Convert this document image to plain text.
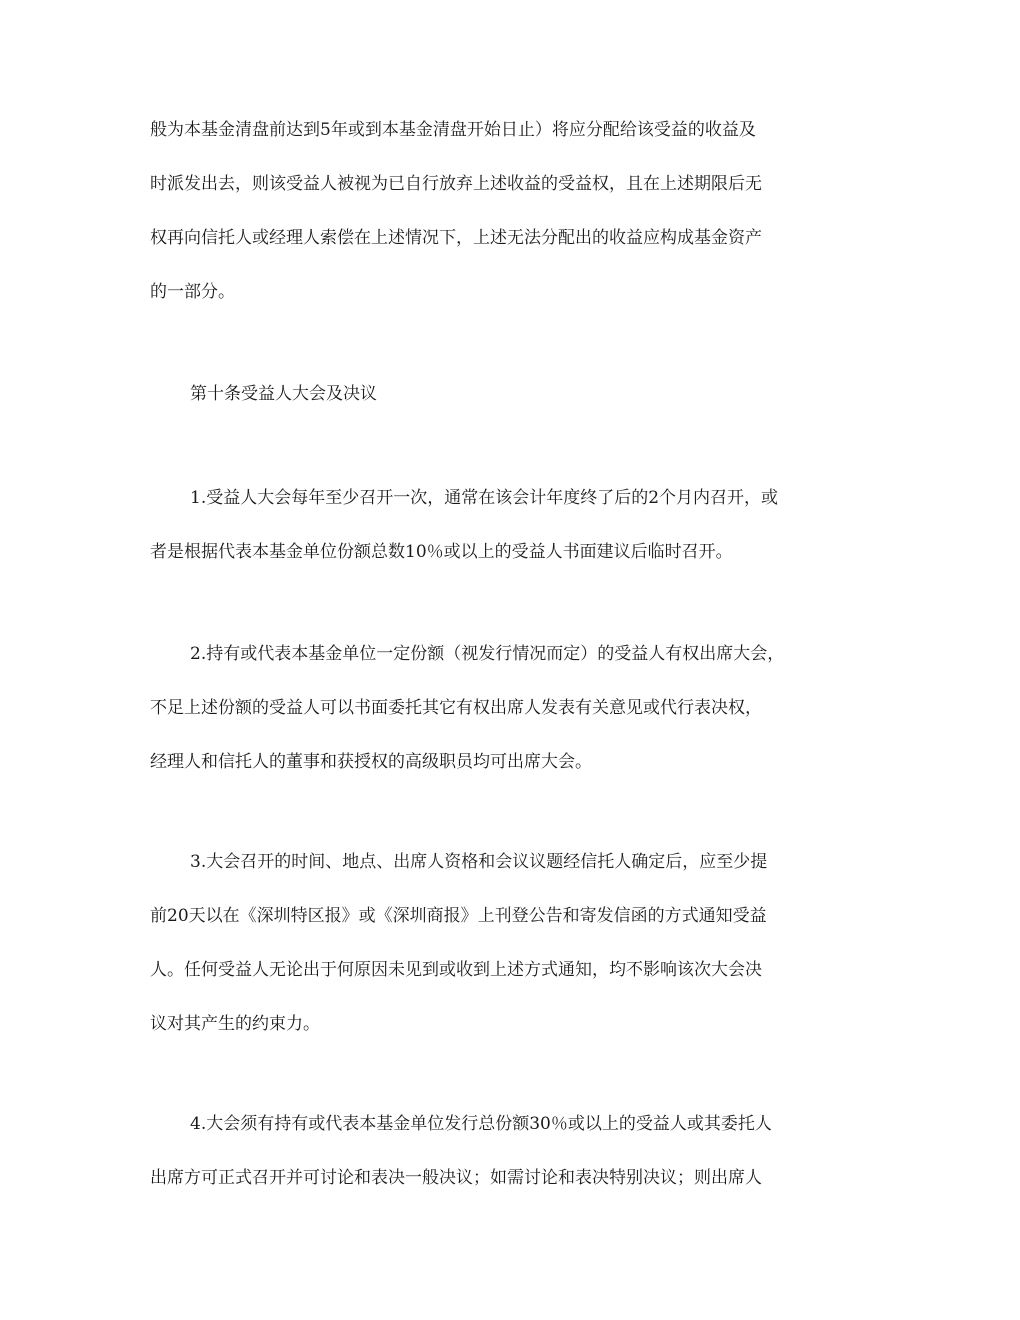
般为本基金清盘前达到5年或到本基金清盘开始日止）将应分配给该受益的收益及
时派发出去，则该受益人被视为已自行放弃上述收益的受益权，且在上述期限后无
权再向信托人或经理人索偿在上述情况下，上述无法分配出的收益应构成基金资产
的一部分。
第十条受益人大会及决议
1.受益人大会每年至少召开一次，通常在该会计年度终了后的2个月内召开，或
者是根据代表本基金单位份额总数10％或以上的受益人书面建议后临时召开。
2.持有或代表本基金单位一定份额（视发行情况而定）的受益人有权出席大会，
不足上述份额的受益人可以书面委托其它有权出席人发表有关意见或代行表决权，
经理人和信托人的董事和获授权的高级职员均可出席大会。
3.大会召开的时间、地点、出席人资格和会议议题经信托人确定后，应至少提
前20天以在《深圳特区报》或《深圳商报》上刊登公告和寄发信函的方式通知受益
人。任何受益人无论出于何原因未见到或收到上述方式通知，均不影响该次大会决
议对其产生的约束力。
4.大会须有持有或代表本基金单位发行总份额30％或以上的受益人或其委托人
出席方可正式召开并可讨论和表决一般决议；如需讨论和表决特别决议；则出席人
